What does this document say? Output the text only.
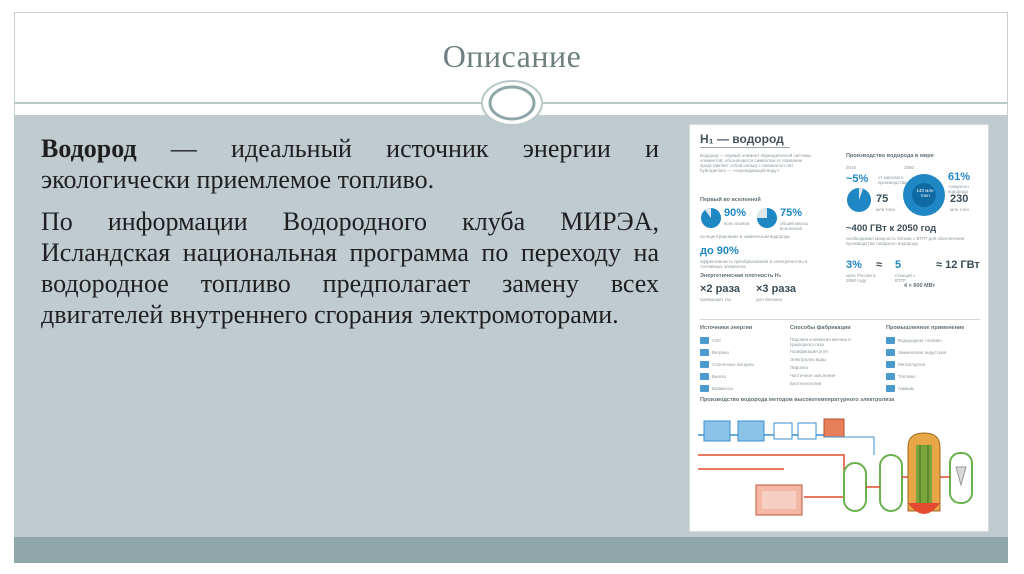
Описание

Водород — идеальный источник энергии и экологически приемлемое топливо.

По информации Водородного клуба МИРЭА, Исландская национальная программа по переходу на водородное топливо предполагает замену всех двигателей внутреннего сгорания электромоторами.

H₁ — водород
Водород — первый элемент периодической системы элементов; обозначается символом H. Название представляет собой кальку с латинского лат. hydrogenium — «порождающий воду».
Первый во вселенной
90%
всех атомов
75%
общей массы вселенной
сконцентрировано в химическом водороде
до 90%
эффективность преобразования в электричество в топливных элементах
Энергетическая плотность H₂
×2 раза
превышает газ
×3 раза
для бензина
Производство водорода в мире
2016	2050
~5% от мирового производства	61%
товарного водорода
140 млн тонн
75
млн тонн
230
млн тонн
~400 ГВт к 2050 год
необходимая мощность блоков с ВТГР для обеспечения производства товарного водорода
3%
цель России в 2050 году
≈ 5
станций с ВТГР
4 × 600 МВт
≈ 12 ГВт
Источники энергии
АЭС
Ветряки
Солнечные батареи
Биогаз
Биомассы
Способы фабрикации
Паровая конверсия метана и природного газа
Газификация угля
Электролиз воды
Пиролиз
Частичное окисление
Биотехнологии
Промышленное применение
Водородное топливо
Химическая индустрия
Металлургия
Топливо
Аммиак
Производство водорода методом высокотемпературного электролиза
